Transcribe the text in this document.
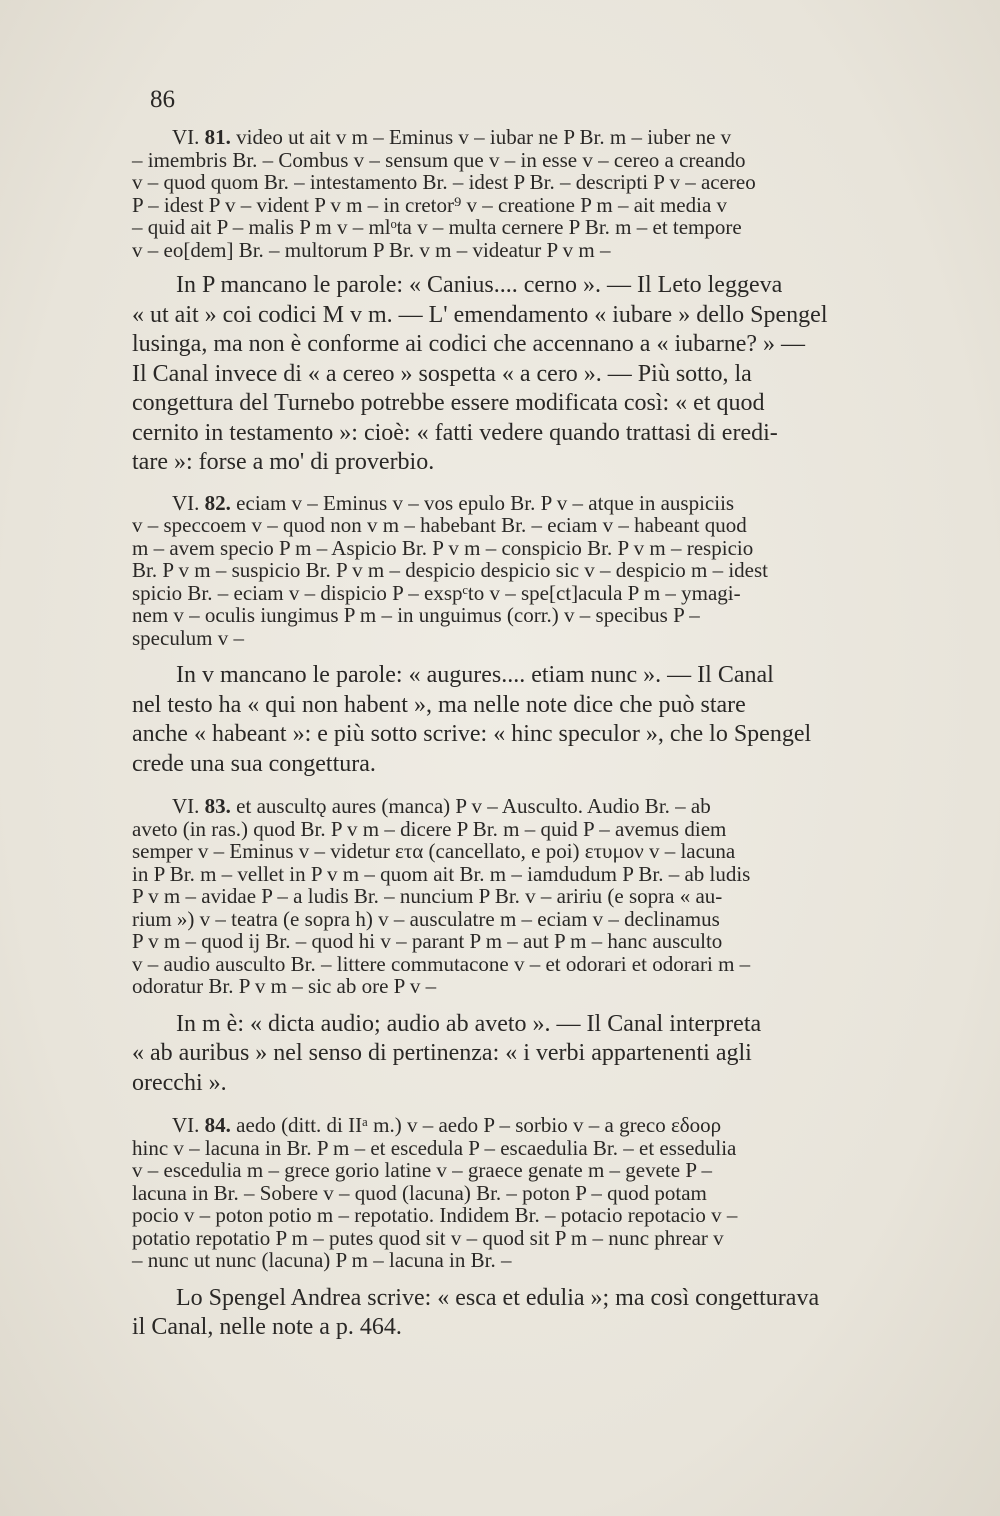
86

VI. 81. video ut ait v m – Eminus v – iubar ne P Br. m – iuber ne v
– imembris Br. – Combus v – sensum que v – in esse v – cereo a creando
v – quod quom Br. – intestamento Br. – idest P Br. – descripti P v – acereo
P – idest P v – vident P v m – in cretor⁹ v – creatione P m – ait media v
– quid ait P – malis P m v – mlᵒta v – multa cernere P Br. m – et tempore
v – eo[dem] Br. – multorum P Br. v m – videatur P v m –

In P mancano le parole: « Canius.... cerno ». — Il Leto leggeva
« ut ait » coi codici M v m. — L' emendamento « iubare » dello Spengel
lusinga, ma non è conforme ai codici che accennano a « iubarne? » —
Il Canal invece di « a cereo » sospetta « a cero ». — Più sotto, la
congettura del Turnebo potrebbe essere modificata così: « et quod
cernito in testamento »: cioè: « fatti vedere quando trattasi di eredi-
tare »: forse a mo' di proverbio.

VI. 82. eciam v – Eminus v – vos epulo Br. P v – atque in auspiciis
v – speccoem v – quod non v m – habebant Br. – eciam v – habeant quod
m – avem specio P m – Aspicio Br. P v m – conspicio Br. P v m – respicio
Br. P v m – suspicio Br. P v m – despicio despicio sic v – despicio m – idest
spicio Br. – eciam v – dispicio P – exspᶜto v – spe[ct]acula P m – ymagi-
nem v – oculis iungimus P m – in unguimus (corr.) v – specibus P –
speculum v –

In v mancano le parole: « augures.... etiam nunc ». — Il Canal
nel testo ha « qui non habent », ma nelle note dice che può stare
anche « habeant »: e più sotto scrive: « hinc speculor », che lo Spengel
crede una sua congettura.

VI. 83. et auscultǫ aures (manca) P v – Ausculto. Audio Br. – ab
aveto (in ras.) quod Br. P v m – dicere P Br. m – quid P – avemus diem
semper v – Eminus v – videtur ετα (cancellato, e poi) ετυμον v – lacuna
in P Br. m – vellet in P v m – quom ait Br. m – iamdudum P Br. – ab ludis
P v m – avidae P – a ludis Br. – nuncium P Br. v – aririu (e sopra « au-
rium ») v – teatra (e sopra h) v – ausculatre m – eciam v – declinamus
P v m – quod ij Br. – quod hi v – parant P m – aut P m – hanc ausculto
v – audio ausculto Br. – littere commutacone v – et odorari et odorari m –
odoratur Br. P v m – sic ab ore P v –

In m è: « dicta audio; audio ab aveto ». — Il Canal interpreta
« ab auribus » nel senso di pertinenza: « i verbi appartenenti agli
orecchi ».

VI. 84. aedo (ditt. di IIᵃ m.) v – aedo P – sorbio v – a greco εδοορ
hinc v – lacuna in Br. P m – et escedula P – escaedulia Br. – et essedulia
v – escedulia m – grece gorio latine v – graece genate m – gevete P –
lacuna in Br. – Sobere v – quod (lacuna) Br. – poton P – quod potam
pocio v – poton potio m – repotatio. Indidem Br. – potacio repotacio v –
potatio repotatio P m – putes quod sit v – quod sit P m – nunc phrear v
– nunc ut nunc (lacuna) P m – lacuna in Br. –

Lo Spengel Andrea scrive: « esca et edulia »; ma così congetturava
il Canal, nelle note a p. 464.
